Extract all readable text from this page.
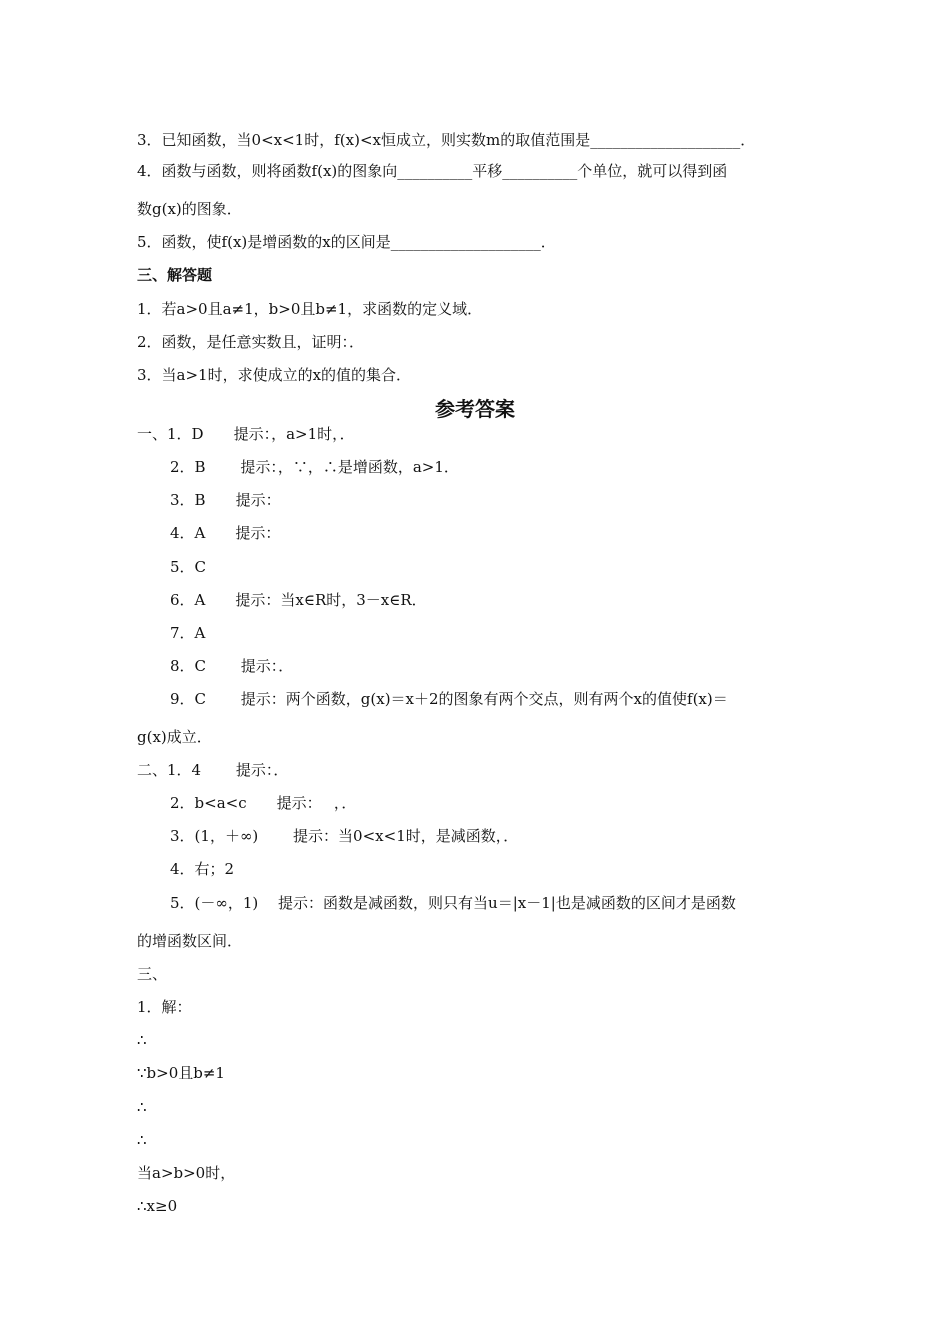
3．已知函数，当0<x<1时，f(x)<x恒成立，则实数m的取值范围是____________________．
4．函数与函数，则将函数f(x)的图象向__________平移__________个单位，就可以得到函
数g(x)的图象．
5．函数，使f(x)是增函数的x的区间是____________________．
三、解答题
1．若a>0且a≠1，b>0且b≠1，求函数的定义域．
2．函数，是任意实数且，证明：．
3．当a>1时，求使成立的x的值的集合．
参考答案
一、1．D　　提示：，a>1时，．
2．B　　 提示：，∵，∴是增函数，a>1．
3．B　　提示：
4．A　　提示：
5．C
6．A　　提示：当x∈R时，3－x∈R．
7．A
8．C　　 提示：．
9．C　　 提示：两个函数，g(x)＝x＋2的图象有两个交点，则有两个x的值使f(x)＝
g(x)成立．
二、1．4　　 提示：．
2．b<a<c　　提示：　 ，．
3．(1，＋∞)　　 提示：当0<x<1时，是减函数，．
4．右；2
5．(－∞，1)　 提示：函数是减函数，则只有当u＝|x－1|也是减函数的区间才是函数
的增函数区间．
三、
1．解：
∴
∵b>0且b≠1
∴
∴
当a>b>0时，
∴x≥0
